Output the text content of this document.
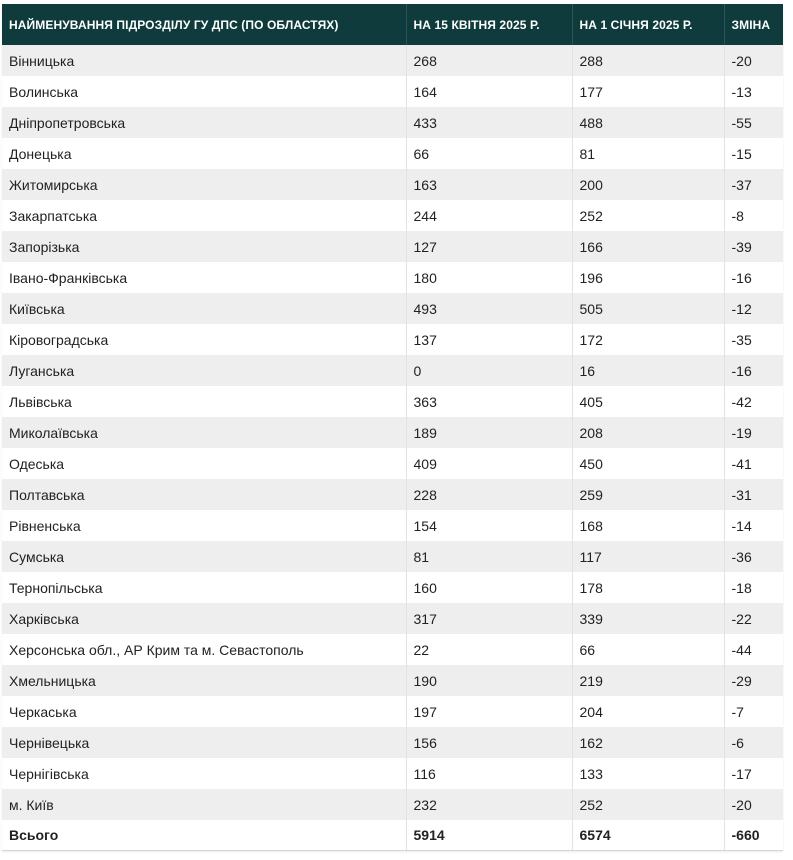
НАЙМЕНУВАННЯ ПІДРОЗДІЛУ ГУ ДПС (ПО ОБЛАСТЯХ)	НА 15 КВІТНЯ 2025 Р.	НА 1 СІЧНЯ 2025 Р.	ЗМІНА
Вінницька	268	288	-20
Волинська	164	177	-13
Дніпропетровська	433	488	-55
Донецька	66	81	-15
Житомирська	163	200	-37
Закарпатська	244	252	-8
Запорізька	127	166	-39
Івано-Франківська	180	196	-16
Київська	493	505	-12
Кіровоградська	137	172	-35
Луганська	0	16	-16
Львівська	363	405	-42
Миколаївська	189	208	-19
Одеська	409	450	-41
Полтавська	228	259	-31
Рівненська	154	168	-14
Сумська	81	117	-36
Тернопільська	160	178	-18
Харківська	317	339	-22
Херсонська обл., АР Крим та м. Севастополь	22	66	-44
Хмельницька	190	219	-29
Черкаська	197	204	-7
Чернівецька	156	162	-6
Чернігівська	116	133	-17
м. Київ	232	252	-20
Всього	5914	6574	-660
